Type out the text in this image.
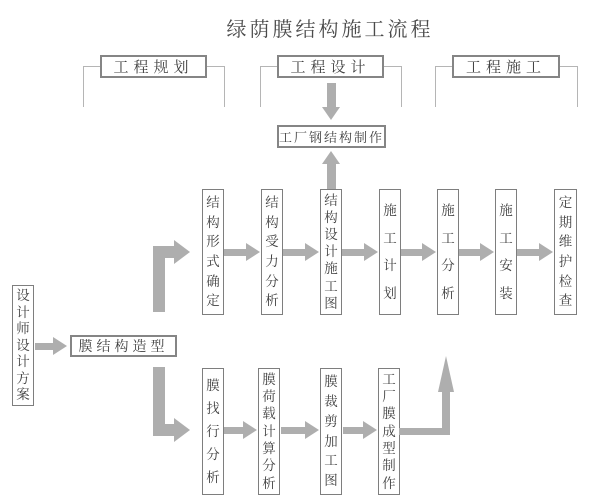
绿荫膜结构施工流程
工程规划	工程设计	工程施工
工厂钢结构制作
结
构
形
式
确
定
结
构
受
力
分
析
结
构
设
计
施
工
图
施
工
计
划
施
工
分
析
施
工
安
装
定
期
维
护
检
查
设
计
师
设
计
方
案
膜结构造型
膜
找
行
分
析
膜
荷
载
计
算
分
析
膜
裁
剪
加
工
图
工
厂
膜
成
型
制
作
